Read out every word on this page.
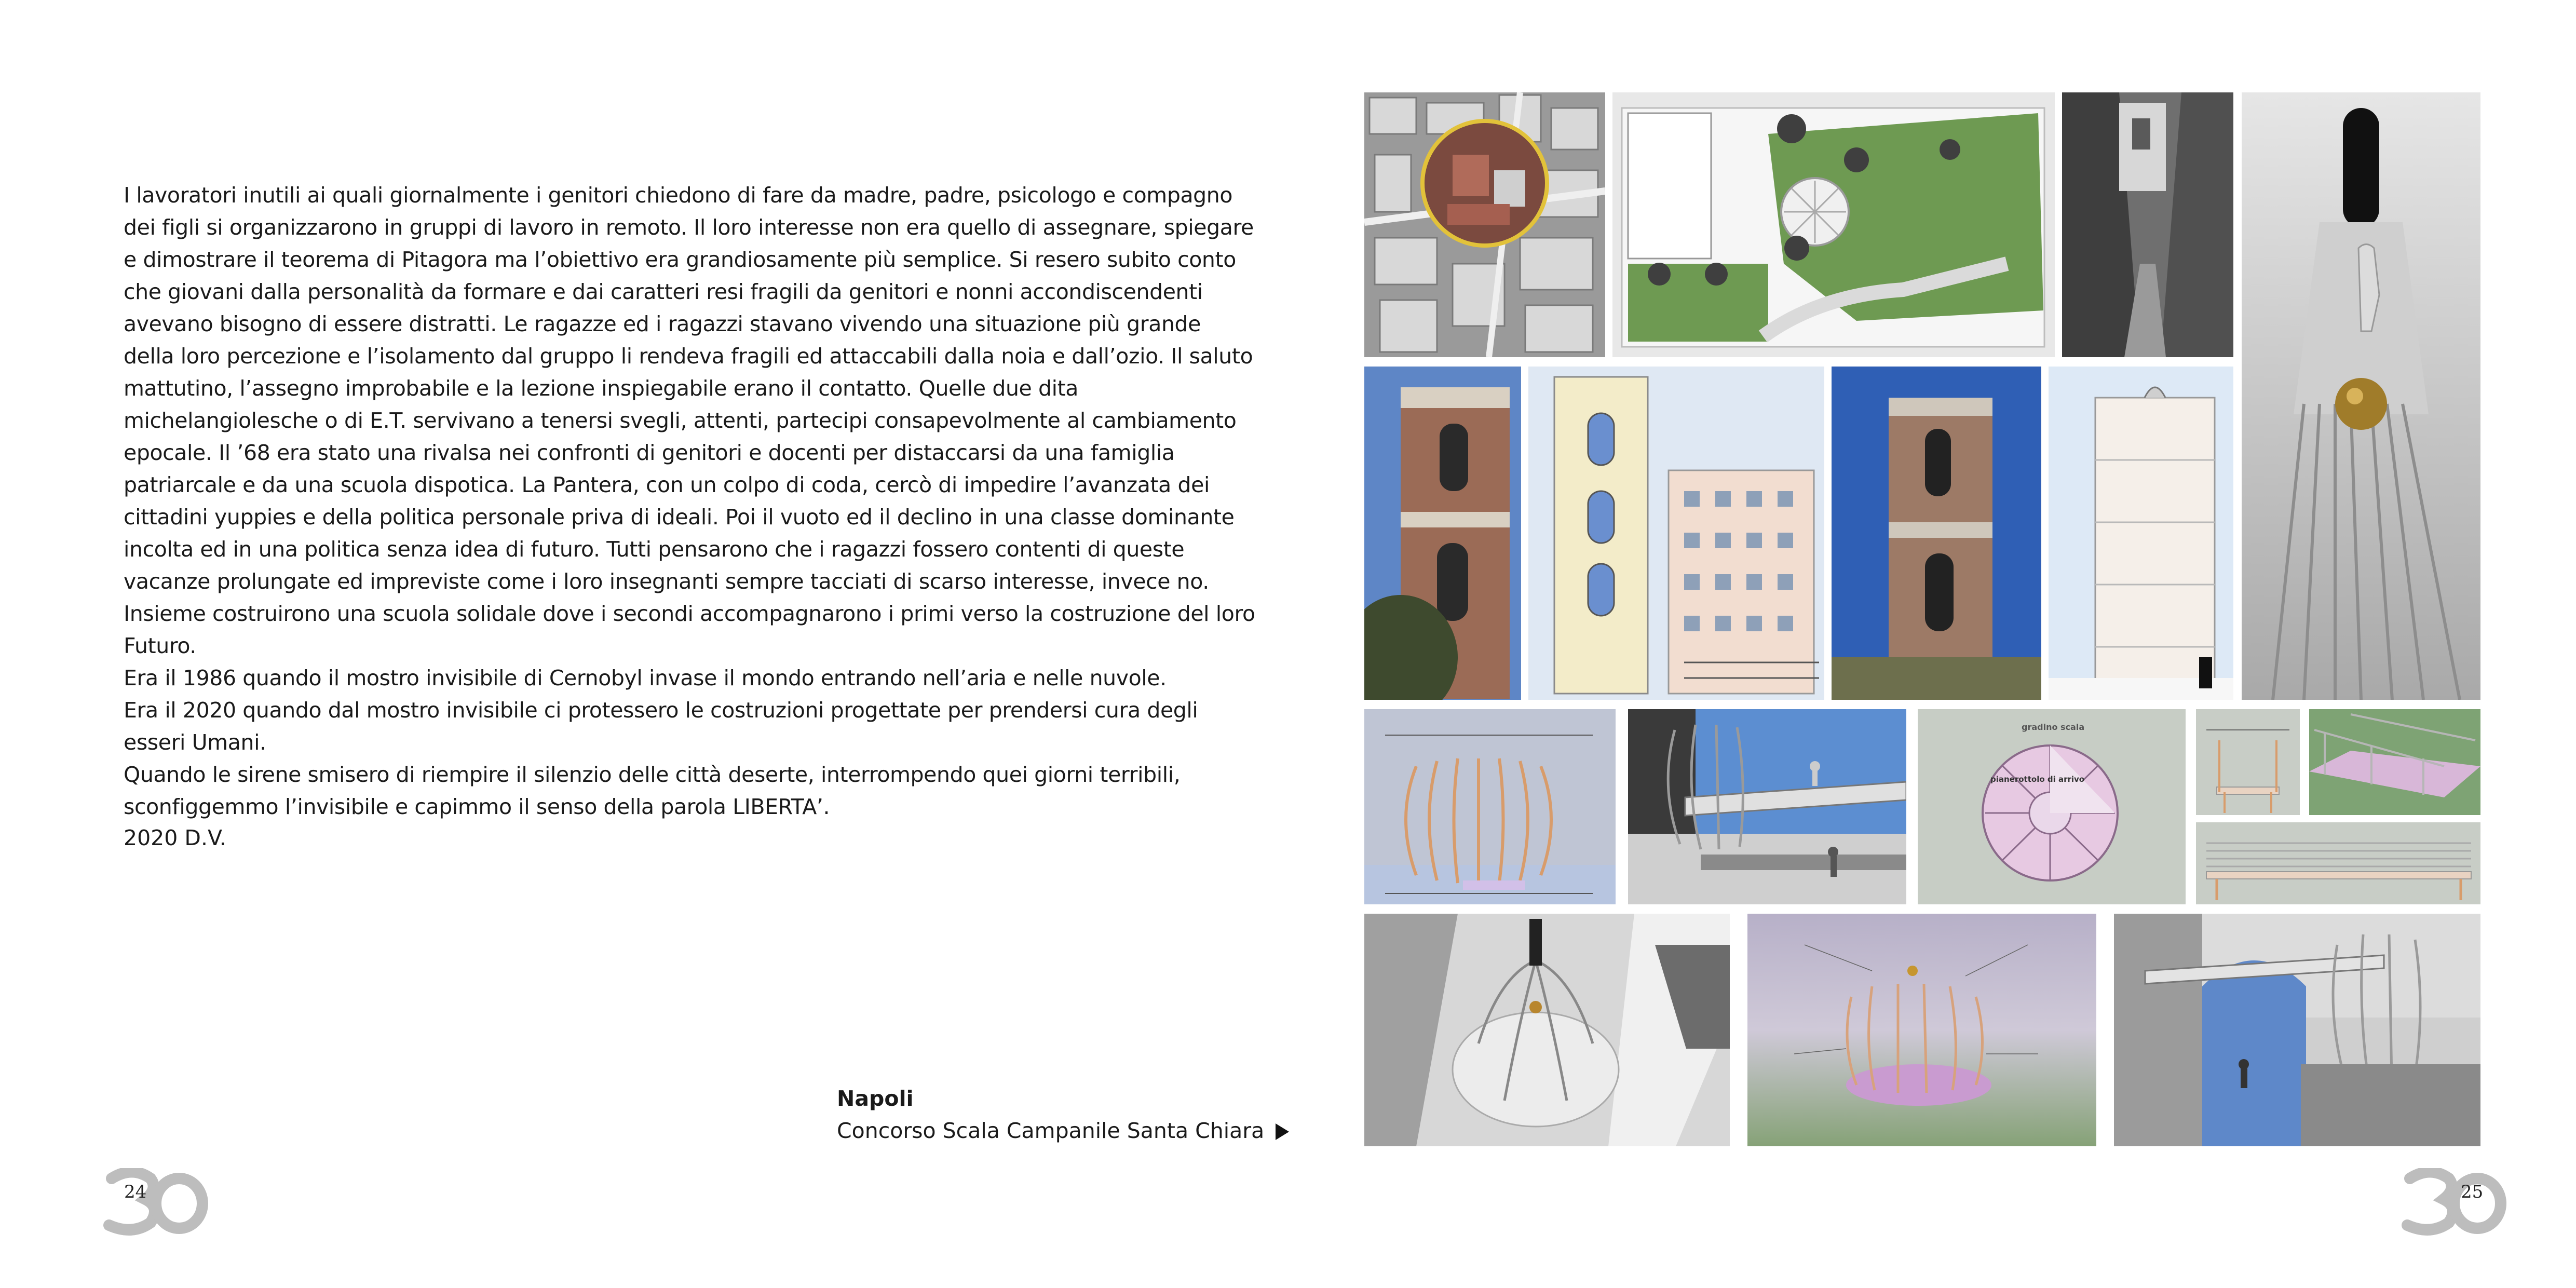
I lavoratori inutili ai quali giornalmente i genitori chiedono di fare da madre, padre, psicologo e compagno dei figli si organizzarono in gruppi di lavoro in remoto. Il loro interesse non era quello di assegnare, spiegare e dimostrare il teorema di Pitagora ma l’obiettivo era grandiosamente più semplice. Si resero subito conto che giovani dalla personalità da formare e dai caratteri resi fragili da genitori e nonni accondiscendenti avevano bisogno di essere distratti. Le ragazze ed i ragazzi stavano vivendo una situazione più grande della loro percezione e l’isolamento dal gruppo li rendeva fragili ed attaccabili dalla noia e dall’ozio. Il saluto mattutino, l’assegno improbabile e la lezione inspiegabile erano il contatto. Quelle due dita michelangiolesche o di E.T. servivano a tenersi svegli, attenti, partecipi consapevolmente al cambiamento epocale. Il ’68 era stato una rivalsa nei confronti di genitori e docenti per distaccarsi da una famiglia patriarcale e da una scuola dispotica. La Pantera, con un colpo di coda, cercò di impedire l’avanzata dei cittadini yuppies e della politica personale priva di ideali. Poi il vuoto ed il declino in una classe dominante incolta ed in una politica senza idea di futuro. Tutti pensarono che i ragazzi fossero contenti di queste vacanze prolungate ed impreviste come i loro insegnanti sempre tacciati di scarso interesse, invece no. Insieme costruirono una scuola solidale dove i secondi accompagnarono i primi verso la costruzione del loro Futuro.

Era il 1986 quando il mostro invisibile di Cernobyl invase il mondo entrando nell’aria e nelle nuvole.

Era il 2020 quando dal mostro invisibile ci protessero le costruzioni progettate per prendersi cura degli esseri Umani.

Quando le sirene smisero di riempire il silenzio delle città deserte, interrompendo quei giorni terribili, sconfiggemmo l’invisibile e capimmo il senso della parola LIBERTA’.

2020 D.V.
Napoli
Concorso Scala Campanile Santa Chiara
24	25
gradino scala
pianerottolo di arrivo
